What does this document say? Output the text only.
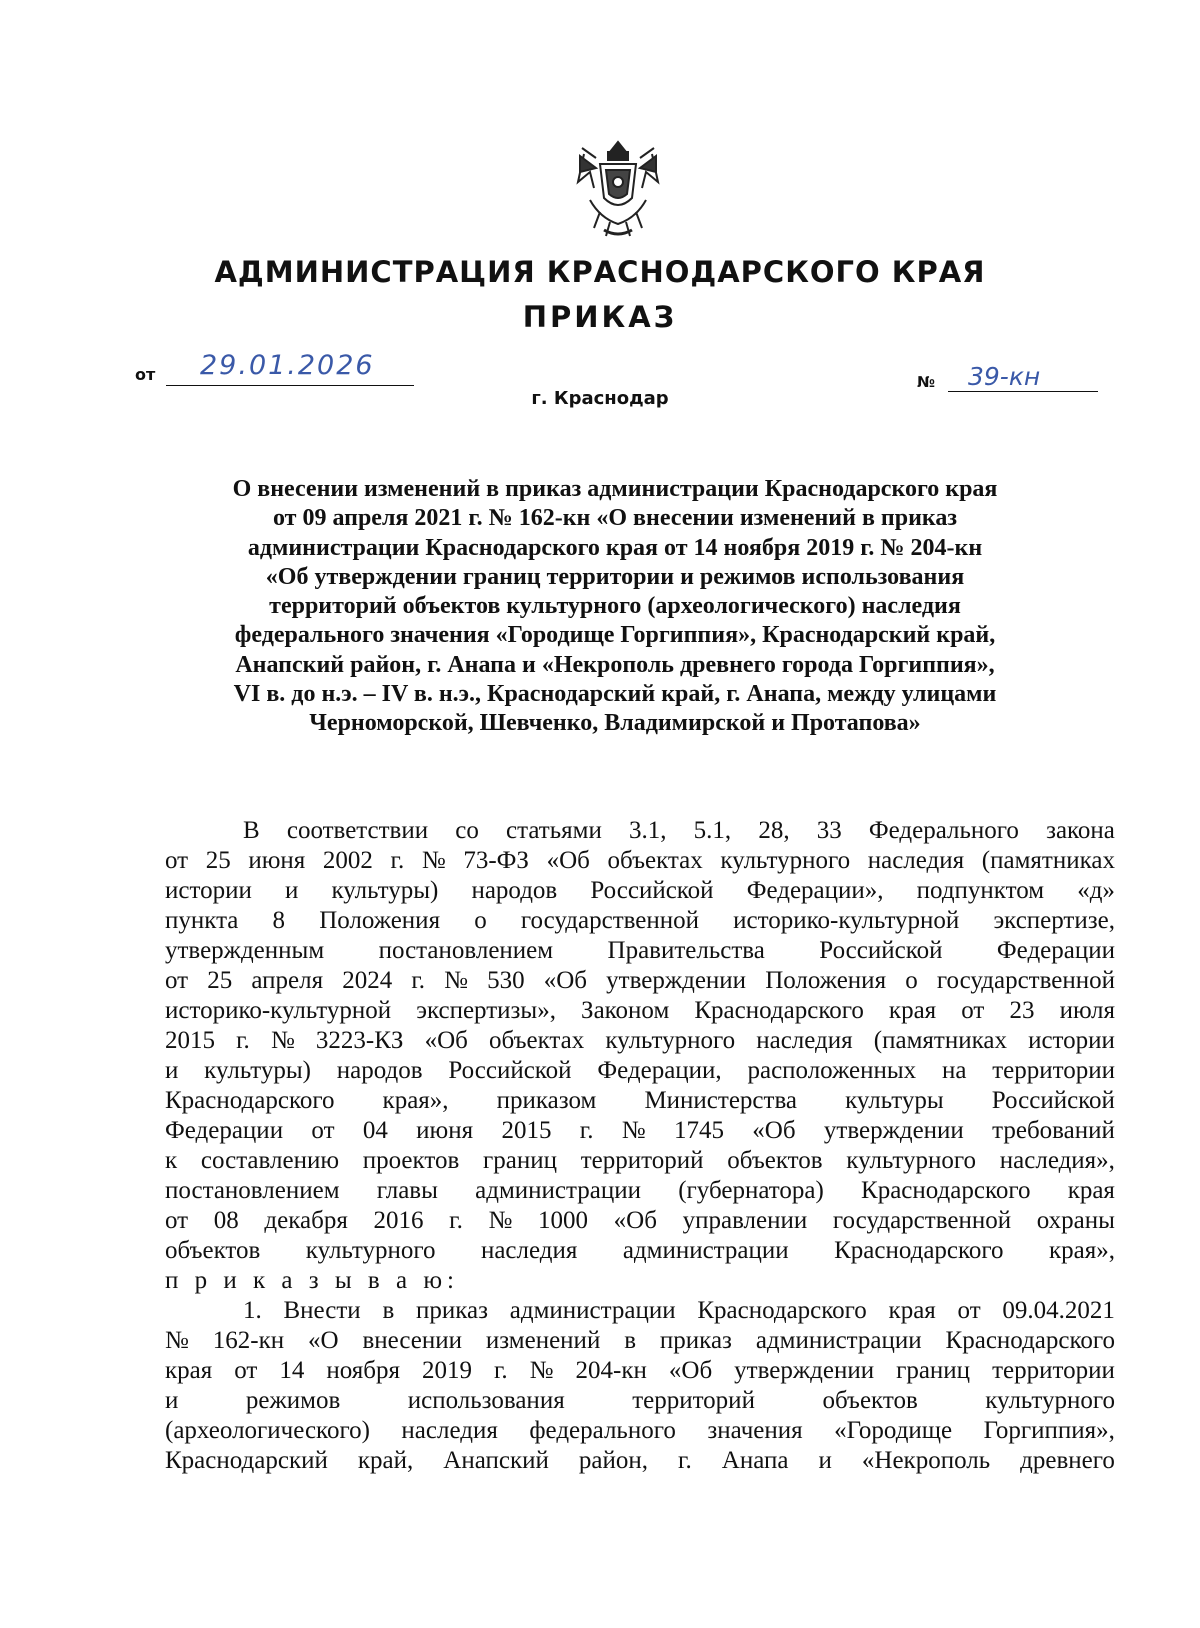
АДМИНИСТРАЦИЯ КРАСНОДАРСКОГО КРАЯ
ПРИКАЗ
от 29.01.2026
№ 39-кн
г. Краснодар
О внесении изменений в приказ администрации Краснодарского края
от 09 апреля 2021 г. № 162-кн «О внесении изменений в приказ
администрации Краснодарского края от 14 ноября 2019 г. № 204-кн
«Об утверждении границ территории и режимов использования
территорий объектов культурного (археологического) наследия
федерального значения «Городище Горгиппия», Краснодарский край,
Анапский район, г. Анапа и «Некрополь древнего города Горгиппия»,
VI в. до н.э. – IV в. н.э., Краснодарский край, г. Анапа, между улицами
Черноморской, Шевченко, Владимирской и Протапова»
В соответствии со статьями 3.1, 5.1, 28, 33 Федерального закона
от 25 июня 2002 г. № 73-ФЗ «Об объектах культурного наследия (памятниках
истории и культуры) народов Российской Федерации», подпунктом «д»
пункта 8 Положения о государственной историко-культурной экспертизе,
утвержденным постановлением Правительства Российской Федерации
от 25 апреля 2024 г. № 530 «Об утверждении Положения о государственной
историко-культурной экспертизы», Законом Краснодарского края от 23 июля
2015 г. № 3223-КЗ «Об объектах культурного наследия (памятниках истории
и культуры) народов Российской Федерации, расположенных на территории
Краснодарского края», приказом Министерства культуры Российской
Федерации от 04 июня 2015 г. № 1745 «Об утверждении требований
к составлению проектов границ территорий объектов культурного наследия»,
постановлением главы администрации (губернатора) Краснодарского края
от 08 декабря 2016 г. № 1000 «Об управлении государственной охраны
объектов культурного наследия администрации Краснодарского края»,
п р и к а з ы в а ю:
1. Внести в приказ администрации Краснодарского края от 09.04.2021
№ 162-кн «О внесении изменений в приказ администрации Краснодарского
края от 14 ноября 2019 г. № 204-кн «Об утверждении границ территории
и	режимов	использования	территорий	объектов	культурного
(археологического) наследия федерального значения «Городище Горгиппия»,
Краснодарский край, Анапский район, г. Анапа и «Некрополь древнего
